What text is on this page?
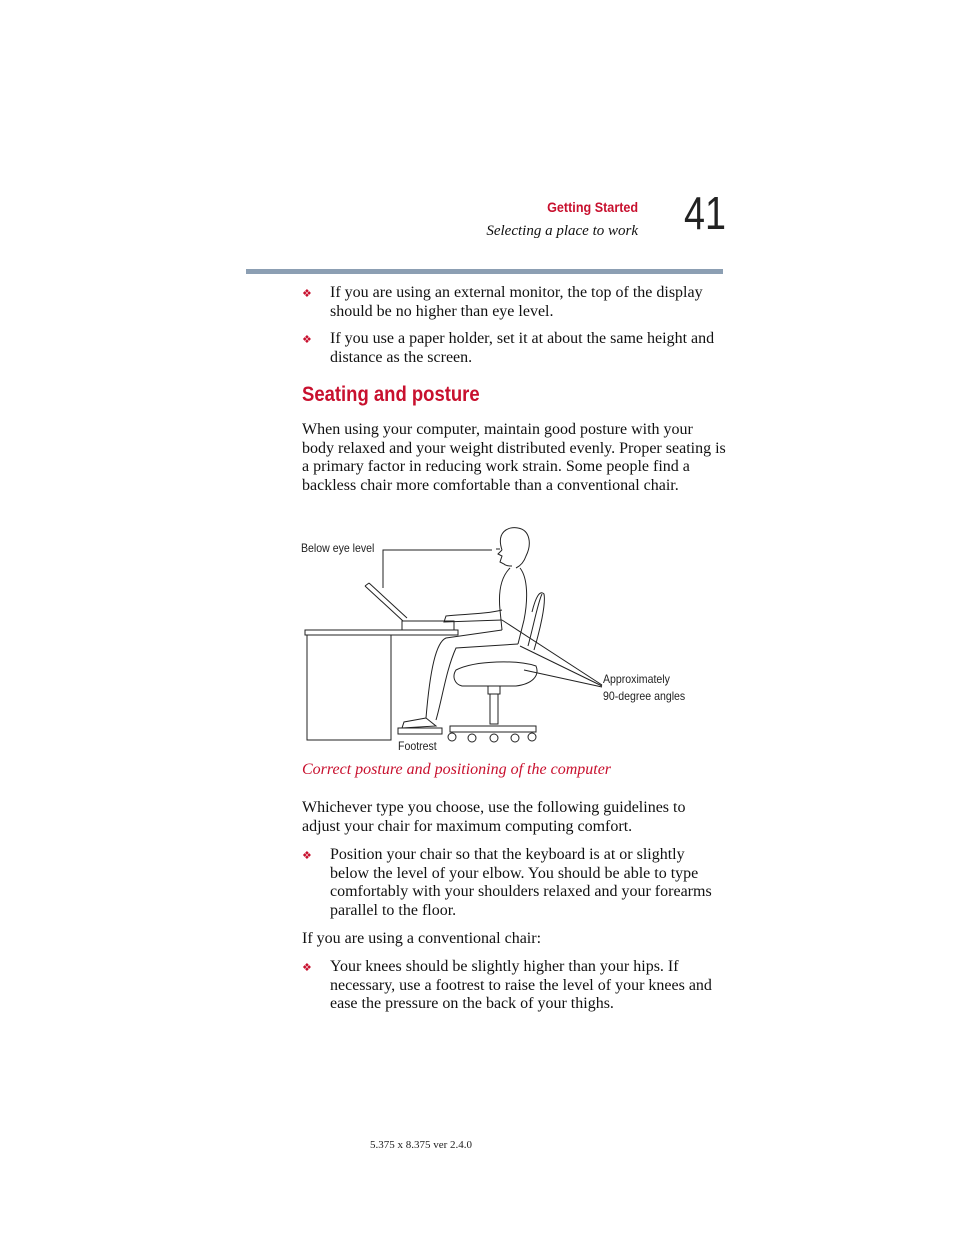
Getting Started
Selecting a place to work 41
❖ If you are using an external monitor, the top of the display should be no higher than eye level.
❖ If you use a paper holder, set it at about the same height and distance as the screen.
Seating and posture
When using your computer, maintain good posture with your body relaxed and your weight distributed evenly. Proper seating is a primary factor in reducing work strain. Some people find a backless chair more comfortable than a conventional chair.
Below eye level
Approximately
90-degree angles
Footrest
Correct posture and positioning of the computer
Whichever type you choose, use the following guidelines to adjust your chair for maximum computing comfort.
❖ Position your chair so that the keyboard is at or slightly below the level of your elbow. You should be able to type comfortably with your shoulders relaxed and your forearms parallel to the floor.
If you are using a conventional chair:
❖ Your knees should be slightly higher than your hips. If necessary, use a footrest to raise the level of your knees and ease the pressure on the back of your thighs.
5.375 x 8.375 ver 2.4.0
